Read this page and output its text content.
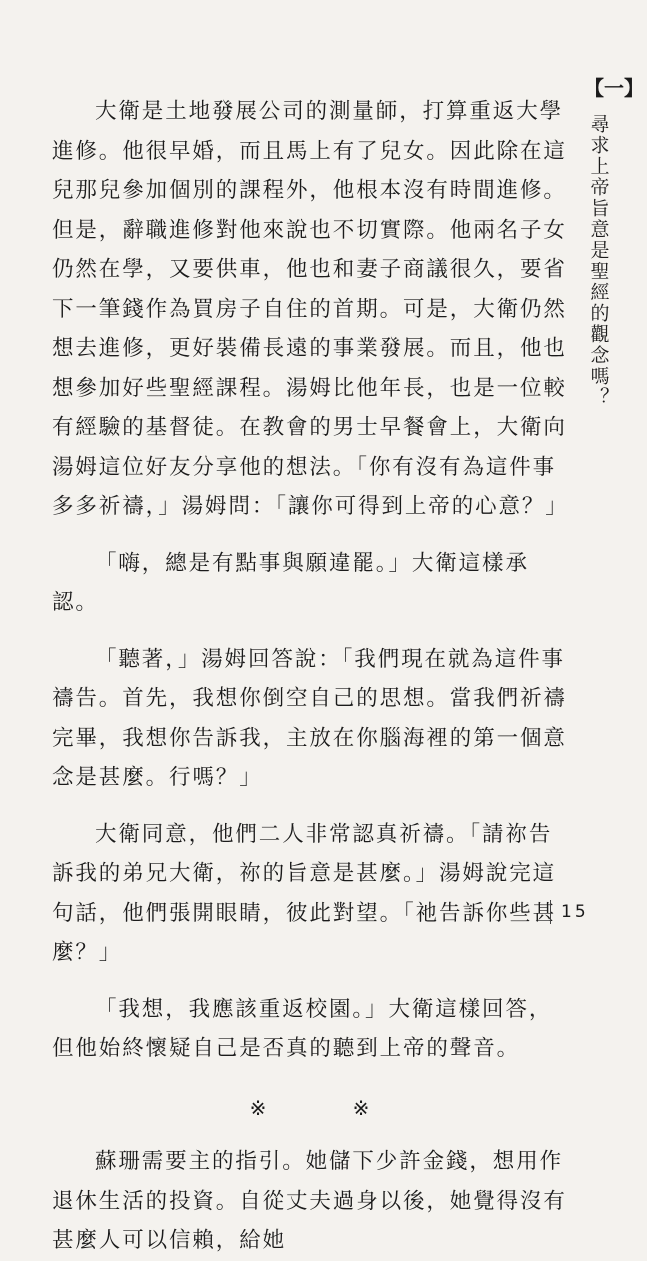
大衛是土地發展公司的測量師，打算重返大學進修。他很早婚，而且馬上有了兒女。因此除在這兒那兒參加個別的課程外，他根本沒有時間進修。但是，辭職進修對他來說也不切實際。他兩名子女仍然在學，又要供車，他也和妻子商議很久，要省下一筆錢作為買房子自住的首期。可是，大衛仍然想去進修，更好裝備長遠的事業發展。而且，他也想參加好些聖經課程。湯姆比他年長，也是一位較有經驗的基督徒。在教會的男士早餐會上，大衛向湯姆這位好友分享他的想法。「你有沒有為這件事多多祈禱，」湯姆問：「讓你可得到上帝的心意？」

「嗨，總是有點事與願違罷。」大衛這樣承認。

「聽著，」湯姆回答說：「我們現在就為這件事禱告。首先，我想你倒空自己的思想。當我們祈禱完畢，我想你告訴我，主放在你腦海裡的第一個意念是甚麼。行嗎？」

大衛同意，他們二人非常認真祈禱。「請祢告訴我的弟兄大衛，祢的旨意是甚麼。」湯姆說完這句話，他們張開眼睛，彼此對望。「祂告訴你些甚麼？」

「我想，我應該重返校園。」大衛這樣回答，但他始終懷疑自己是否真的聽到上帝的聲音。

※ ※

蘇珊需要主的指引。她儲下少許金錢，想用作退休生活的投資。自從丈夫過身以後，她覺得沒有甚麼人可以信賴，給她

【一】
尋求上帝旨意是聖經的觀念嗎？
15
